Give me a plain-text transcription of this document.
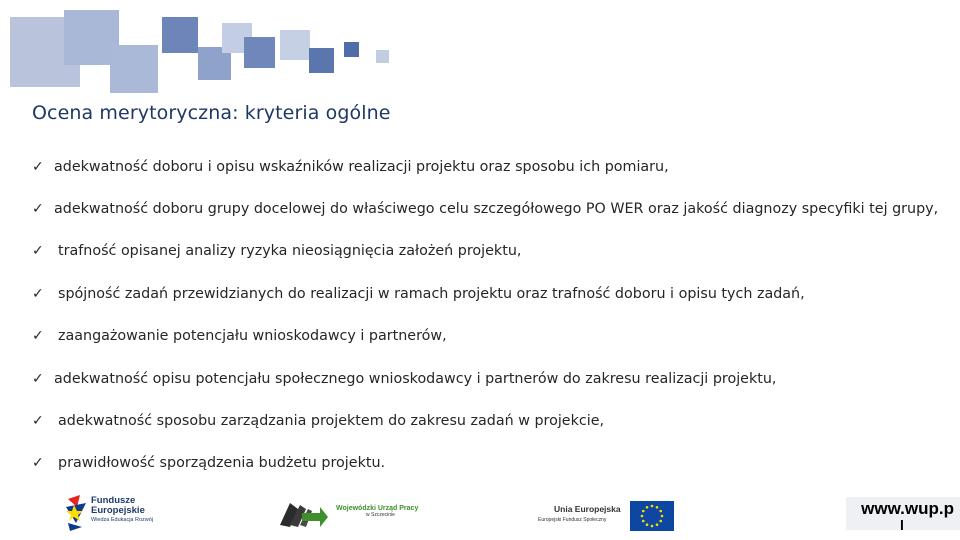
Ocena merytoryczna: kryteria ogólne
✓ adekwatność doboru i opisu wskaźników realizacji projektu oraz sposobu ich pomiaru,
✓ adekwatność doboru grupy docelowej do właściwego celu szczegółowego PO WER oraz jakość diagnozy specyfiki tej grupy,
✓ trafność opisanej analizy ryzyka nieosiągnięcia założeń projektu,
✓ spójność zadań przewidzianych do realizacji w ramach projektu oraz trafność doboru i opisu tych zadań,
✓ zaangażowanie potencjału wnioskodawcy i partnerów,
✓ adekwatność opisu potencjału społecznego wnioskodawcy i partnerów do zakresu realizacji projektu,
✓ adekwatność sposobu zarządzania projektem do zakresu zadań w projekcie,
✓ prawidłowość sporządzenia budżetu projektu.
Fundusze
Europejskie
Wiedza Edukacja Rozwój
Wojewódzki Urząd Pracy
w Szczecinie
Unia Europejska
Europejski Fundusz Społeczny
www.wup.p
l
